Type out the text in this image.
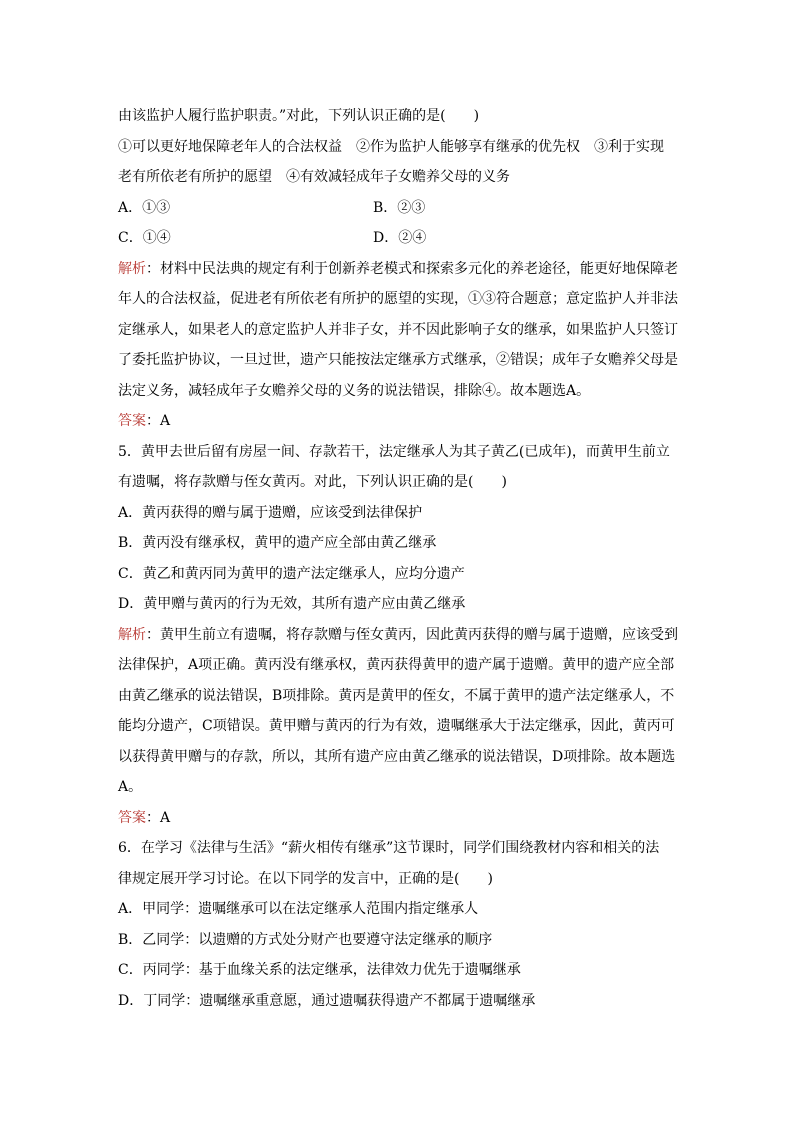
由该监护人履行监护职责。”对此，下列认识正确的是(　　)

①可以更好地保障老年人的合法权益　②作为监护人能够享有继承的优先权　③利于实现

老有所依老有所护的愿望　④有效减轻成年子女赡养父母的义务

A．①③	B．②③

C．①④	D．②④

解析：材料中民法典的规定有利于创新养老模式和探索多元化的养老途径，能更好地保障老

年人的合法权益，促进老有所依老有所护的愿望的实现，①③符合题意；意定监护人并非法

定继承人，如果老人的意定监护人并非子女，并不因此影响子女的继承，如果监护人只签订

了委托监护协议，一旦过世，遗产只能按法定继承方式继承，②错误；成年子女赡养父母是

法定义务，减轻成年子女赡养父母的义务的说法错误，排除④。故本题选A。

答案：A

5．黄甲去世后留有房屋一间、存款若干，法定继承人为其子黄乙(已成年)，而黄甲生前立

有遗嘱，将存款赠与侄女黄丙。对此，下列认识正确的是(　　)

A．黄丙获得的赠与属于遗赠，应该受到法律保护

B．黄丙没有继承权，黄甲的遗产应全部由黄乙继承

C．黄乙和黄丙同为黄甲的遗产法定继承人，应均分遗产

D．黄甲赠与黄丙的行为无效，其所有遗产应由黄乙继承

解析：黄甲生前立有遗嘱，将存款赠与侄女黄丙，因此黄丙获得的赠与属于遗赠，应该受到

法律保护，A项正确。黄丙没有继承权，黄丙获得黄甲的遗产属于遗赠。黄甲的遗产应全部

由黄乙继承的说法错误，B项排除。黄丙是黄甲的侄女，不属于黄甲的遗产法定继承人，不

能均分遗产，C项错误。黄甲赠与黄丙的行为有效，遗嘱继承大于法定继承，因此，黄丙可

以获得黄甲赠与的存款，所以，其所有遗产应由黄乙继承的说法错误，D项排除。故本题选

A。

答案：A

6．在学习《法律与生活》“薪火相传有继承”这节课时，同学们围绕教材内容和相关的法

律规定展开学习讨论。在以下同学的发言中，正确的是(　　)

A．甲同学：遗嘱继承可以在法定继承人范围内指定继承人

B．乙同学：以遗赠的方式处分财产也要遵守法定继承的顺序

C．丙同学：基于血缘关系的法定继承，法律效力优先于遗嘱继承

D．丁同学：遗嘱继承重意愿，通过遗嘱获得遗产不都属于遗嘱继承
